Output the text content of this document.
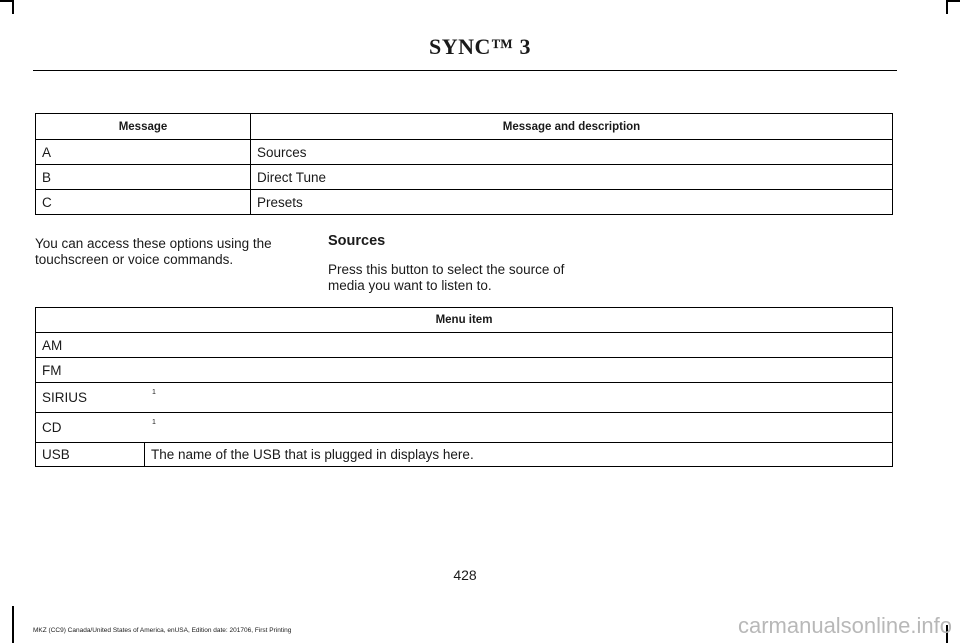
SYNC™ 3
Message	Message and description
A	Sources
B	Direct Tune
C	Presets
You can access these options using the touchscreen or voice commands.
Sources
Press this button to select the source of media you want to listen to.
Menu item
AM
FM
SIRIUS	1

CD	1

USB	The name of the USB that is plugged in displays here.
428
MKZ (CC9) Canada/United States of America, enUSA, Edition date: 201706, First Printing	carmanualsonline.info
